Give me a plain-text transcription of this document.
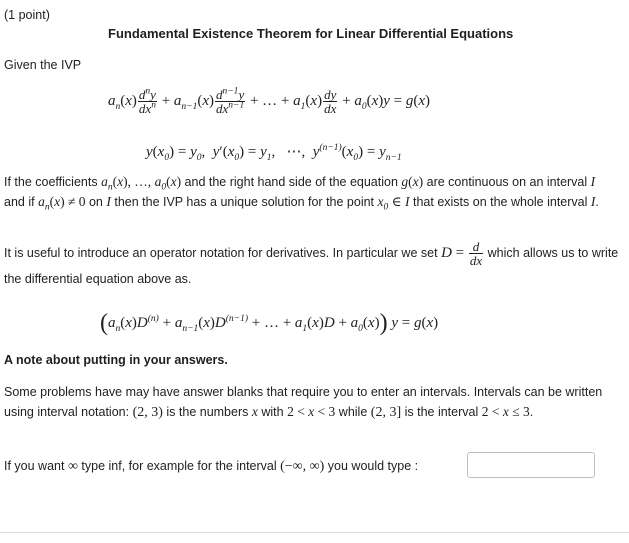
(1 point)
Fundamental Existence Theorem for Linear Differential Equations
Given the IVP
$a_n(x) \frac{d^ny}{dx^n} + a_{n-1}(x) \frac{d^{n-1}y}{dx^{n-1}}$ + … + $a_1(x) \frac{dy}{dx} + a_0(x)y = g(x)$
$y(x_0) = y_0$,  $y'(x_0) = y_1$, ⋯,  $y^{(n-1)}(x_0) = y_{n-1}$
If the coefficients $a_n(x)$, …, $a_0(x)$ and the right hand side of the equation g(x) are continuous on an interval I and if $a_n(x) \ne 0$ on I then the IVP has a unique solution for the point $x_0$ ∈ I that exists on the whole interval I.
It is useful to introduce an operator notation for derivatives. In particular we set $D = \frac{d}{dx}$ which allows us to write the differential equation above as.
($a_n(x)D^{(n)} + a_{n-1}(x)D^{(n-1)}$ + … + $a_1(x)D + a_0(x)$) y = g(x)
A note about putting in your answers.
Some problems have may have answer blanks that require you to enter an intervals. Intervals can be written using interval notation: (2, 3) is the numbers x with 2 < x < 3 while (2, 3] is the interval 2 < x ≤ 3.
If you want ∞ type inf, for example for the interval (−∞, ∞) you would type :
